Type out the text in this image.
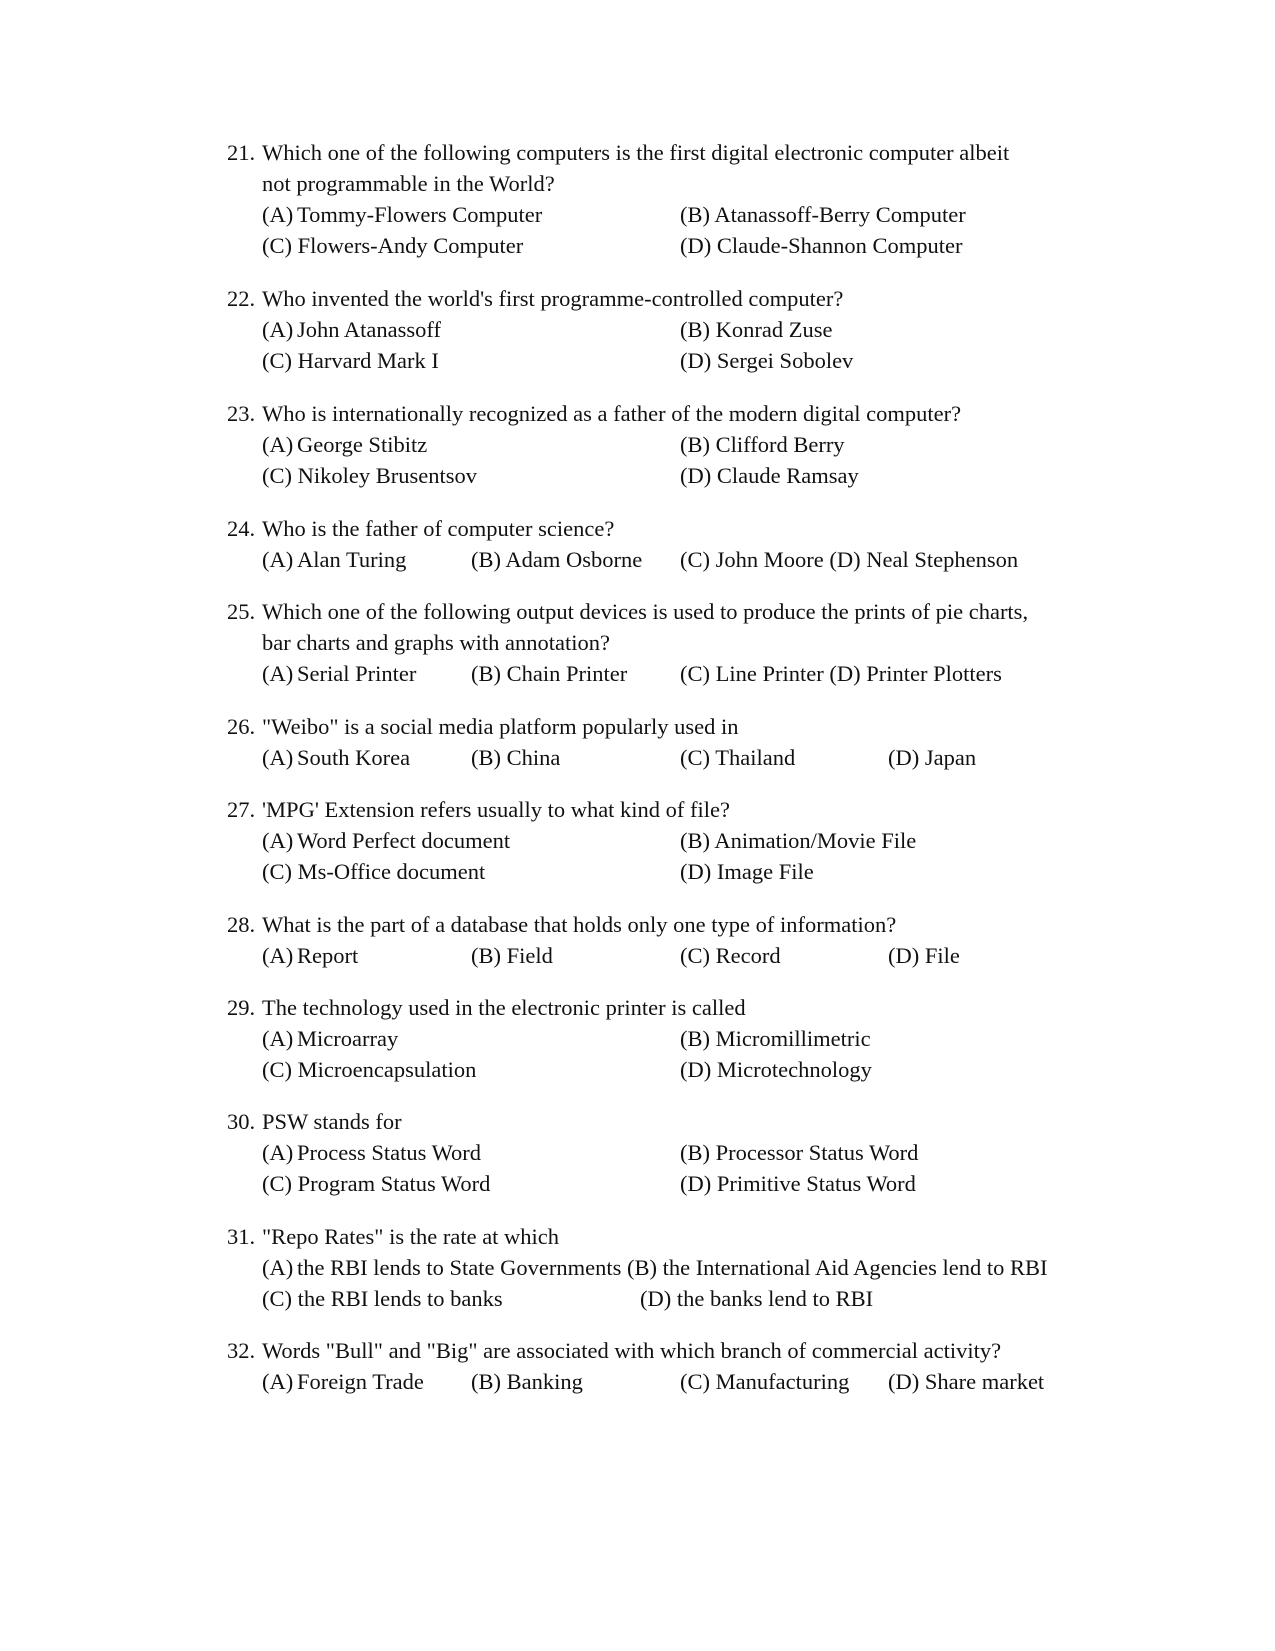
21. Which one of the following computers is the first digital electronic computer albeit
not programmable in the World?
(A) Tommy-Flowers Computer	(B) Atanassoff-Berry Computer
(C) Flowers-Andy Computer	(D) Claude-Shannon Computer
22. Who invented the world's first programme-controlled computer?
(A) John Atanassoff	(B) Konrad Zuse
(C) Harvard Mark I	(D) Sergei Sobolev
23. Who is internationally recognized as a father of the modern digital computer?
(A) George Stibitz	(B) Clifford Berry
(C) Nikoley Brusentsov	(D) Claude Ramsay
24. Who is the father of computer science?
(A) Alan Turing	(B) Adam Osborne (C) John Moore (D) Neal Stephenson
25. Which one of the following output devices is used to produce the prints of pie charts,
bar charts and graphs with annotation?
(A) Serial Printer (B) Chain Printer (C) Line Printer (D) Printer Plotters
26. "Weibo" is a social media platform popularly used in
(A) South Korea	(B) China	(C) Thailand	(D) Japan
27. 'MPG' Extension refers usually to what kind of file?
(A) Word Perfect document	(B) Animation/Movie File
(C) Ms-Office document	(D) Image File
28. What is the part of a database that holds only one type of information?
(A) Report	(B) Field	(C) Record	(D) File
29. The technology used in the electronic printer is called
(A) Microarray	(B) Micromillimetric
(C) Microencapsulation	(D) Microtechnology
30. PSW stands for
(A) Process Status Word	(B) Processor Status Word
(C) Program Status Word	(D) Primitive Status Word
31. "Repo Rates" is the rate at which
(A) the RBI lends to State Governments (B) the International Aid Agencies lend to RBI
(C) the RBI lends to banks	(D) the banks lend to RBI
32. Words "Bull" and "Big" are associated with which branch of commercial activity?
(A) Foreign Trade (B) Banking	(C) Manufacturing (D) Share market
